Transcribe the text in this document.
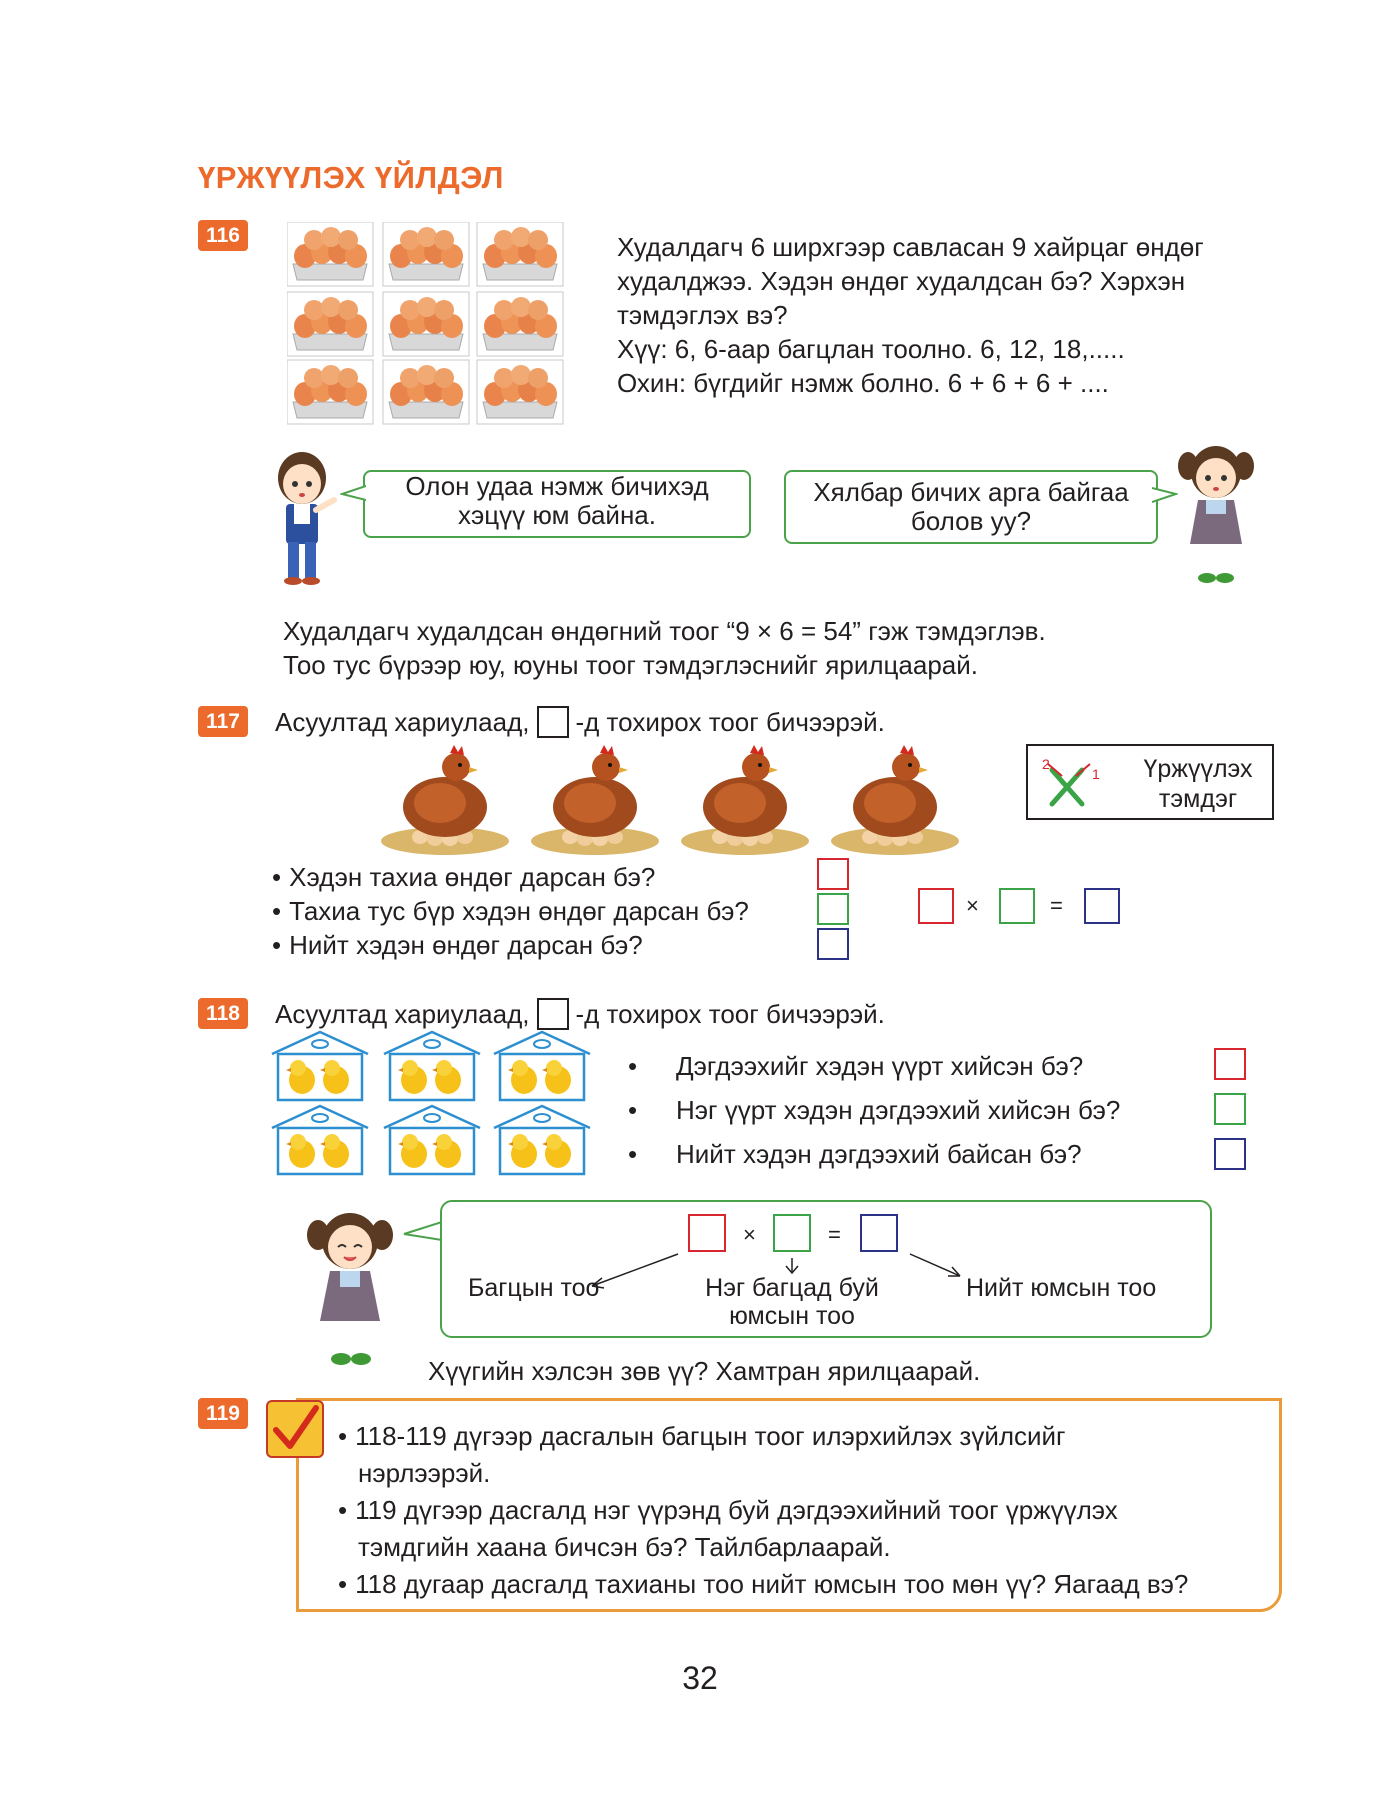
ҮРЖҮҮЛЭХ ҮЙЛДЭЛ
116	Худалдагч 6 ширхгээр савласан 9 хайрцаг өндөг
худалджээ. Хэдэн өндөг худалдсан бэ? Хэрхэн
тэмдэглэх вэ?
Хүү: 6, 6-аар багцлан тоолно. 6, 12, 18,.....
Охин: бүгдийг нэмж болно. 6 + 6 + 6 + ....
Олон удаа нэмж бичихэд
хэцүү юм байна.
Хялбар бичих арга байгаа
болов уу?
Худалдагч худалдсан өндөгний тоог “9 × 6 = 54” гэж тэмдэглэв.
Тоо тус бүрээр юу, юуны тоог тэмдэглэснийг ярилцаарай.
117	Асуултад хариулаад, -д тохирох тоог бичээрэй.
2
1	Үржүүлэх
тэмдэг
• Хэдэн тахиа өндөг дарсан бэ?
• Тахиа тус бүр хэдэн өндөг дарсан бэ?
• Нийт хэдэн өндөг дарсан бэ?
×	=
118	Асуултад хариулаад, -д тохирох тоог бичээрэй.
• Дэгдээхийг хэдэн үүрт хийсэн бэ?
• Нэг үүрт хэдэн дэгдээхий хийсэн бэ?
• Нийт хэдэн дэгдээхий байсан бэ?
×	=
Багцын тоо	Нэг багцад буй
юмсын тоо
Нийт юмсын тоо
Хүүгийн хэлсэн зөв үү? Хамтран ярилцаарай.
119
• 118-119 дүгээр дасгалын багцын тоог илэрхийлэх зүйлсийг
нэрлээрэй.
• 119 дүгээр дасгалд нэг үүрэнд буй дэгдээхийний тоог үржүүлэх
тэмдгийн хаана бичсэн бэ? Тайлбарлаарай.
• 118 дугаар дасгалд тахианы тоо нийт юмсын тоо мөн үү? Яагаад вэ?
32
